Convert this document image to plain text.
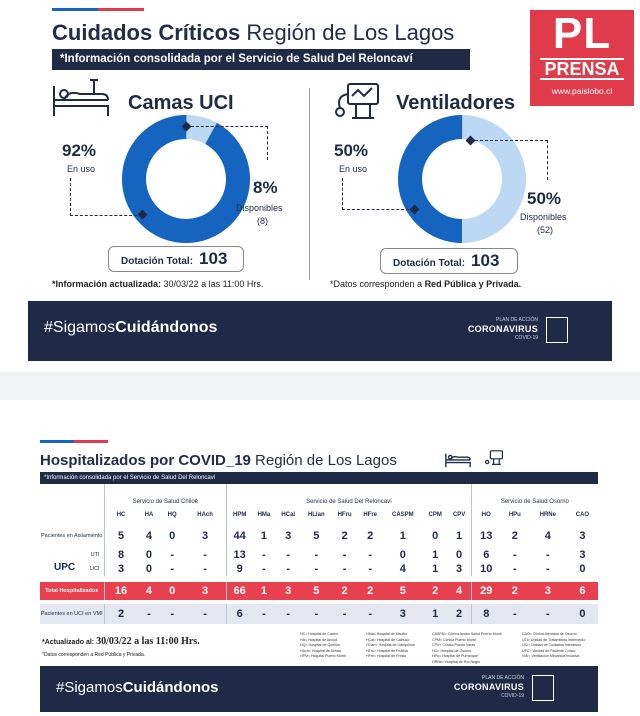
Cuidados Críticos Región de Los Lagos
*Información consolidada por el Servicio de Salud Del Reloncaví
Camas UCI
92%
En uso
8%
Disponibles
(8)
Dotación Total: 103
*Información actualizada: 30/03/22 a las 11:00 Hrs.
Ventiladores
50%
En uso
50%
Disponibles
(52)
Dotación Total: 103
*Datos corresponden a Red Pública y Privada.
#SigamosCuidándonos	PLAN DE ACCIÓN
CORONAVIRUS
COVID-19
PL
PRENSA
www.paislobo.cl
Hospitalizados por COVID_19 Región de Los Lagos
*Información consolidada por el Servicio de Salud Del Reloncaví
	Servicio de Salud Chiloé				Servicio de Salud Del Reloncaví									Servicio de Salud Osorno			
	HC	HA	HQ	HAch	HPM	HMa	HCal	HLlan	HFru	HFre	CASPM	CPM	CPV	HO	HPu	HRNe	CAO
Pacientes en Aislamiento	5	4	0	3	44	1	3	5	2	2	1	0	1	13	2	4	3
UTI	8	0	-	-	13	-	-	-	-	-	0	1	0	6	-	-	3
UCI	3	0	-	-	9	-	-	-	-	-	4	1	3	10	-	-	0

Total Hospitalizados	16	4	0	3	66	1	3	5	2	2	5	2	4	29	2	3	6

Pacientes en UCI en VMI	2	-	-	-	6	-	-	-	-	-	3	1	2	8	-	-	0
UPC
*Actualizado al: 30/03/22 a las 11:00 Hrs.
*Datos corresponden a Red Pública y Privada.
HC= Hospital de Castro
HA= Hospital de Ancud
HQ= Hospital de Quellón
HAch= Hospital de Achao
HPM= Hospital Puerto Montt
HMa= Hospital de Maullín
HCal= Hospital de Calbuco
HLlan= Hospital de Llanquihue
HFru= Hospital de Frutillar
HFre= Hospital de Fresia
CASPM= Clínica Andes Salud Puerto Montt
CPM= Clínica Puerto Montt
CPV= Clínica Puerto Varas
HO= Hospital de Osorno
HPu= Hospital de Purranque
HRNe= Hospital de Río Negro
CAO= Clínica Alemana de Osorno
UTI= Unidad de Tratamiento Intermedio
UCI= Unidad de Cuidados Intensivos
UPC= Unidad de Paciente Crítico
VMI= Ventilación Mecánica Invasiva
#SigamosCuidándonos
PLAN DE ACCIÓN
CORONAVIRUS
COVID-19
